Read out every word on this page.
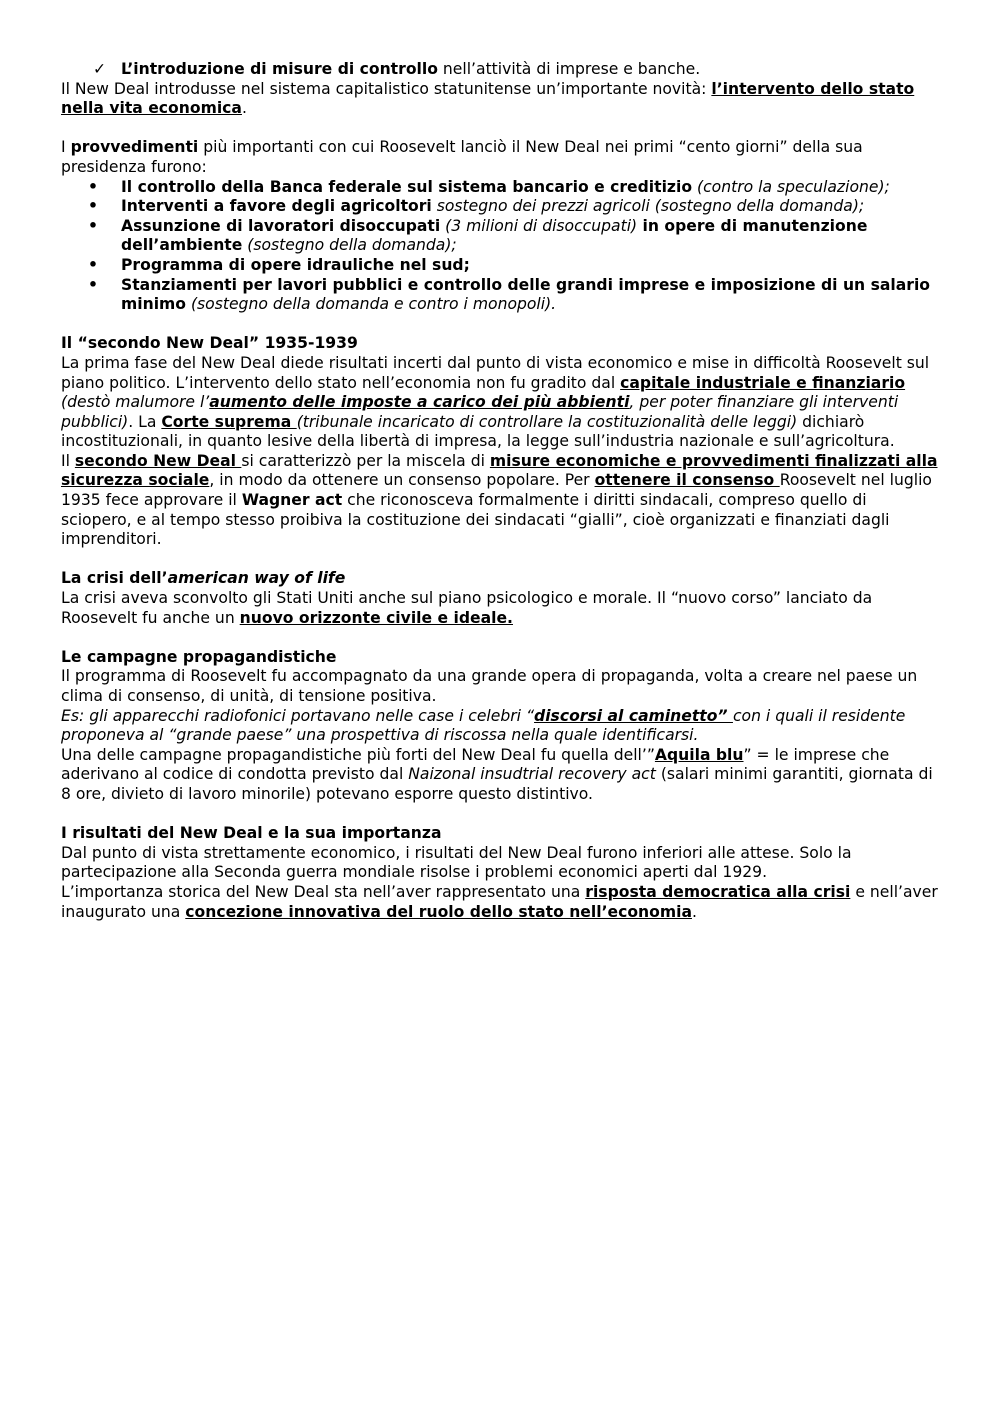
✓ L’introduzione di misure di controllo nell’attività di imprese e banche.

Il New Deal introdusse nel sistema capitalistico statunitense un’importante novità: l’intervento dello stato nella vita economica.

I provvedimenti più importanti con cui Roosevelt lanciò il New Deal nei primi “cento giorni” della sua presidenza furono:

• Il controllo della Banca federale sul sistema bancario e creditizio (contro la speculazione);
• Interventi a favore degli agricoltori sostegno dei prezzi agricoli (sostegno della domanda);
• Assunzione di lavoratori disoccupati (3 milioni di disoccupati) in opere di manutenzione dell’ambiente (sostegno della domanda);
• Programma di opere idrauliche nel sud;
• Stanziamenti per lavori pubblici e controllo delle grandi imprese e imposizione di un salario minimo (sostegno della domanda e contro i monopoli).

Il “secondo New Deal” 1935-1939

La prima fase del New Deal diede risultati incerti dal punto di vista economico e mise in difficoltà Roosevelt sul piano politico. L’intervento dello stato nell’economia non fu gradito dal capitale industriale e finanziario (destò malumore l’aumento delle imposte a carico dei più abbienti, per poter finanziare gli interventi pubblici). La Corte suprema (tribunale incaricato di controllare la costituzionalità delle leggi) dichiarò incostituzionali, in quanto lesive della libertà di impresa, la legge sull’industria nazionale e sull’agricoltura.

Il secondo New Deal si caratterizzò per la miscela di misure economiche e provvedimenti finalizzati alla sicurezza sociale, in modo da ottenere un consenso popolare. Per ottenere il consenso Roosevelt nel luglio 1935 fece approvare il Wagner act che riconosceva formalmente i diritti sindacali, compreso quello di sciopero, e al tempo stesso proibiva la costituzione dei sindacati “gialli”, cioè organizzati e finanziati dagli imprenditori.

La crisi dell’american way of life

La crisi aveva sconvolto gli Stati Uniti anche sul piano psicologico e morale. Il “nuovo corso” lanciato da Roosevelt fu anche un nuovo orizzonte civile e ideale.

Le campagne propagandistiche

Il programma di Roosevelt fu accompagnato da una grande opera di propaganda, volta a creare nel paese un clima di consenso, di unità, di tensione positiva.

Es: gli apparecchi radiofonici portavano nelle case i celebri “discorsi al caminetto” con i quali il residente proponeva al “grande paese” una prospettiva di riscossa nella quale identificarsi.

Una delle campagne propagandistiche più forti del New Deal fu quella dell’”Aquila blu” = le imprese che aderivano al codice di condotta previsto dal Naizonal insudtrial recovery act (salari minimi garantiti, giornata di 8 ore, divieto di lavoro minorile) potevano esporre questo distintivo.

I risultati del New Deal e la sua importanza

Dal punto di vista strettamente economico, i risultati del New Deal furono inferiori alle attese. Solo la partecipazione alla Seconda guerra mondiale risolse i problemi economici aperti dal 1929.

L’importanza storica del New Deal sta nell’aver rappresentato una risposta democratica alla crisi e nell’aver inaugurato una concezione innovativa del ruolo dello stato nell’economia.
